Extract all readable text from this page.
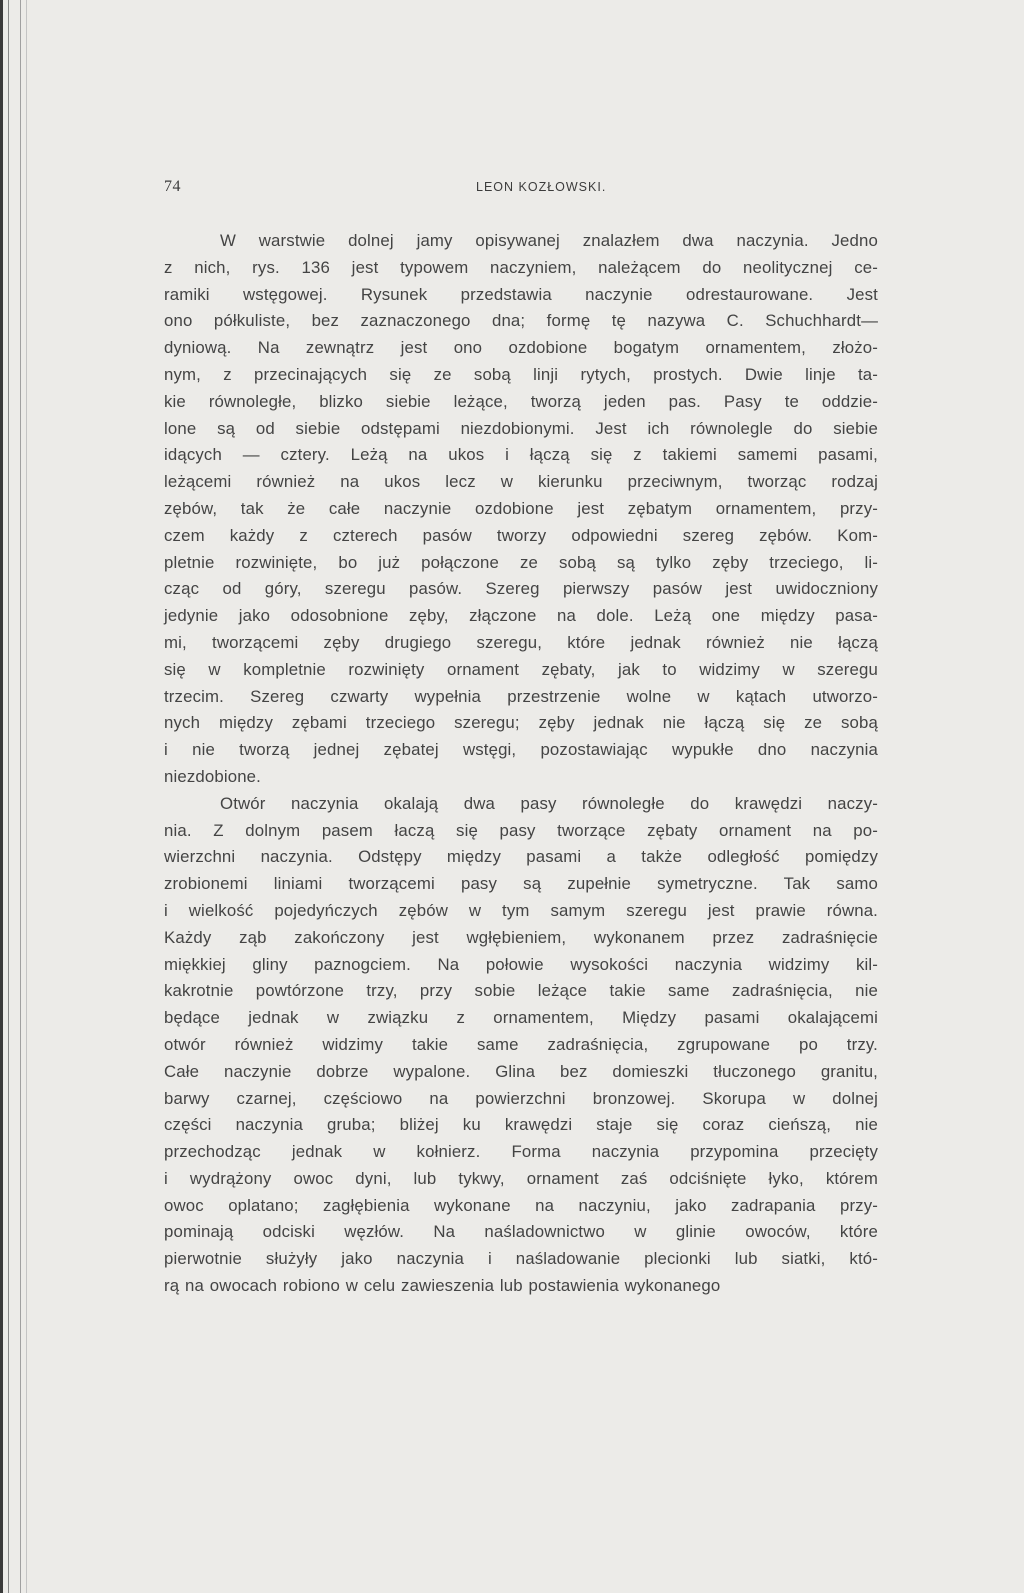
74	LEON KOZŁOWSKI.
W warstwie dolnej jamy opisywanej znalazłem dwa naczynia. Jedno
z nich, rys. 136 jest typowem naczyniem, należącem do neolitycznej ce-
ramiki wstęgowej. Rysunek przedstawia naczynie odrestaurowane. Jest
ono półkuliste, bez zaznaczonego dna; formę tę nazywa C. Schuchhardt—
dyniową. Na zewnątrz jest ono ozdobione bogatym ornamentem, złożo-
nym, z przecinających się ze sobą linji rytych, prostych. Dwie linje ta-
kie równoległe, blizko siebie leżące, tworzą jeden pas. Pasy te oddzie-
lone są od siebie odstępami niezdobionymi. Jest ich równolegle do siebie
idących — cztery. Leżą na ukos i łączą się z takiemi samemi pasami,
leżącemi również na ukos lecz w kierunku przeciwnym, tworząc rodzaj
zębów, tak że całe naczynie ozdobione jest zębatym ornamentem, przy-
czem każdy z czterech pasów tworzy odpowiedni szereg zębów. Kom-
pletnie rozwinięte, bo już połączone ze sobą są tylko zęby trzeciego, li-
cząc od góry, szeregu pasów. Szereg pierwszy pasów jest uwidoczniony
jedynie jako odosobnione zęby, złączone na dole. Leżą one między pasa-
mi, tworzącemi zęby drugiego szeregu, które jednak również nie łączą
się w kompletnie rozwinięty ornament zębaty, jak to widzimy w szeregu
trzecim. Szereg czwarty wypełnia przestrzenie wolne w kątach utworzo-
nych między zębami trzeciego szeregu; zęby jednak nie łączą się ze sobą
i nie tworzą jednej zębatej wstęgi, pozostawiając wypukłe dno naczynia
niezdobione.
Otwór naczynia okalają dwa pasy równoległe do krawędzi naczy-
nia. Z dolnym pasem łaczą się pasy tworzące zębaty ornament na po-
wierzchni naczynia. Odstępy między pasami a także odległość pomiędzy
zrobionemi liniami tworzącemi pasy są zupełnie symetryczne. Tak samo
i wielkość pojedyńczych zębów w tym samym szeregu jest prawie równa.
Każdy ząb zakończony jest wgłębieniem, wykonanem przez zadraśnięcie
miękkiej gliny paznogciem. Na połowie wysokości naczynia widzimy kil-
kakrotnie powtórzone trzy, przy sobie leżące takie same zadraśnięcia, nie
będące jednak w związku z ornamentem, Między pasami okalającemi
otwór również widzimy takie same zadraśnięcia, zgrupowane po trzy.
Całe naczynie dobrze wypalone. Glina bez domieszki tłuczonego granitu,
barwy czarnej, częściowo na powierzchni bronzowej. Skorupa w dolnej
części naczynia gruba; bliżej ku krawędzi staje się coraz cieńszą, nie
przechodząc jednak w kołnierz. Forma naczynia przypomina przecięty
i wydrążony owoc dyni, lub tykwy, ornament zaś odciśnięte łyko, którem
owoc oplatano; zagłębienia wykonane na naczyniu, jako zadrapania przy-
pominają odciski węzłów. Na naśladownictwo w glinie owoców, które
pierwotnie służyły jako naczynia i naśladowanie plecionki lub siatki, któ-
rą na owocach robiono w celu zawieszenia lub postawienia wykonanego
